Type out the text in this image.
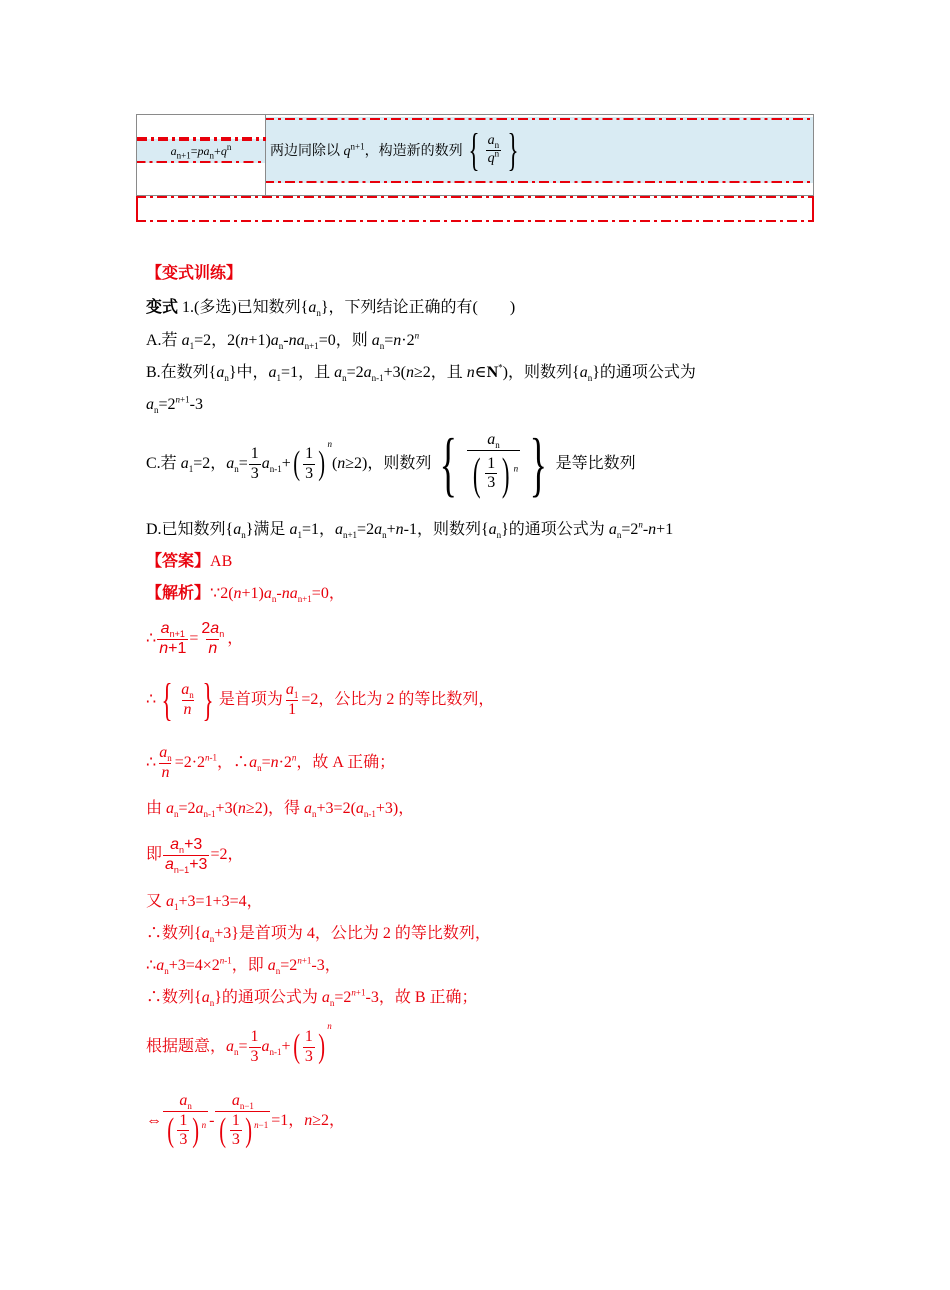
$a_{n+1}=pa_n+q^n$	两边同除以 $q^{n+1}$，构造新的数列 { $\frac{a_n}{q^n}$ }
【变式训练】
变式 1.(多选)已知数列$\{a_n\}$，下列结论正确的有(　　)
A.若 $a_1=2$，$2(n+1)a_n-na_{n+1}=0$，则 $a_n=n\cdot 2^n$
B.在数列$\{a_n\}$中，$a_1=1$，且 $a_n=2a_{n-1}+3(n\ge 2$，且 n∈N*)，则数列$\{a_n\}$的通项公式为
$a_n=2^{n+1}-3$
C.若 $a_1=2$，$a_n= \frac{1}{3} a_{n-1}+$ ( $\frac{1}{3}$ )
n
(n≥2)，则数列 { $\frac{a_n}{( \frac{1}{3} ) ^n}$ } 是等比数列
D.已知数列$\{a_n\}$满足 $a_1=1$，$a_{n+1}=2a_n+n-1$，则数列$\{a_n\}$的通项公式为 $a_n=2^n-n+1$
【答案】AB
【解析】$\because 2(n+1)a_n-na_{n+1}=0$，
∴ $\frac{a_{n+1}}{n+1} = \frac{2a_n}{n}$ ，
∴ { $\frac{a_n}{n}$ } 是首项为 $\frac{a_1}{1} =2$，公比为 2 的等比数列，
∴ $\frac{a_n}{n} =2\cdot 2^{n-1}$，$\therefore a_n=n\cdot 2^n$，故 A 正确；
由 $a_n=2a_{n-1}+3(n\ge 2)$，得 $a_n+3=2(a_{n-1}+3)$，
即 $\frac{a_n+3}{a_{n-1}+3} =2$，
又 $a_1+3=1+3=4$，
∴数列$\{a_n+3\}$是首项为 4，公比为 2 的等比数列，
$\therefore a_n+3=4\times 2^{n-1}$，即 $a_n=2^{n+1}-3$，
∴数列$\{a_n\}$的通项公式为 $a_n=2^{n+1}-3$，故 B 正确；
根据题意，$a_n= \frac{1}{3} a_{n-1}+$ ( $\frac{1}{3}$ )
n
⇔ $\frac{a_n}{( \frac{1}{3} ) ^n} - \frac{a_{n-1}}{( \frac{1}{3} ) ^{n-1}} =1$，n≥2，
